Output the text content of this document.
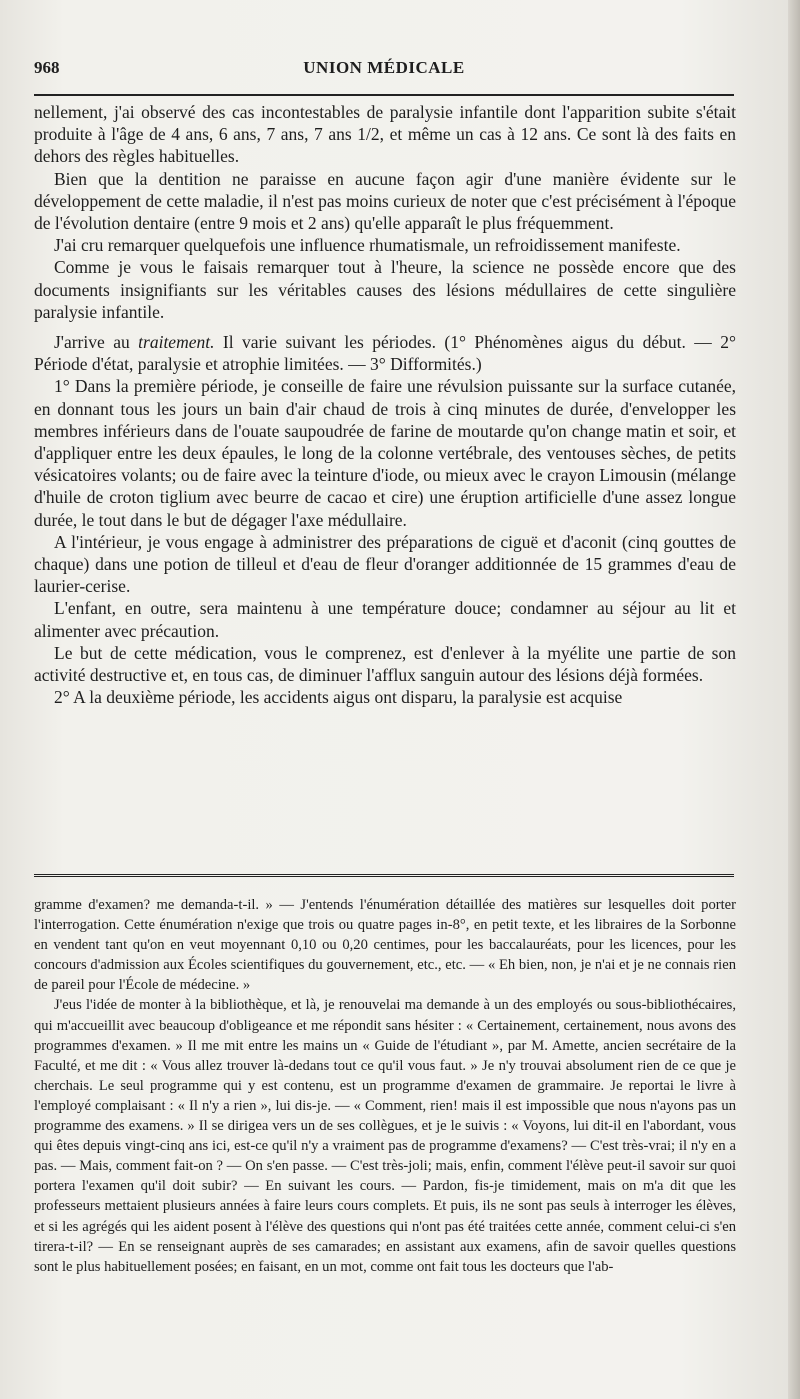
968	UNION MÉDICALE

nellement, j'ai observé des cas incontestables de paralysie infantile dont l'apparition subite s'était produite à l'âge de 4 ans, 6 ans, 7 ans, 7 ans 1/2, et même un cas à 12 ans. Ce sont là des faits en dehors des règles habituelles.

Bien que la dentition ne paraisse en aucune façon agir d'une manière évidente sur le développement de cette maladie, il n'est pas moins curieux de noter que c'est précisément à l'époque de l'évolution dentaire (entre 9 mois et 2 ans) qu'elle apparaît le plus fréquemment.

J'ai cru remarquer quelquefois une influence rhumatismale, un refroidissement manifeste.

Comme je vous le faisais remarquer tout à l'heure, la science ne possède encore que des documents insignifiants sur les véritables causes des lésions médullaires de cette singulière paralysie infantile.

J'arrive au traitement. Il varie suivant les périodes. (1° Phénomènes aigus du début. — 2° Période d'état, paralysie et atrophie limitées. — 3° Difformités.)

1° Dans la première période, je conseille de faire une révulsion puissante sur la surface cutanée, en donnant tous les jours un bain d'air chaud de trois à cinq minutes de durée, d'envelopper les membres inférieurs dans de l'ouate saupoudrée de farine de moutarde qu'on change matin et soir, et d'appliquer entre les deux épaules, le long de la colonne vertébrale, des ventouses sèches, de petits vésicatoires volants; ou de faire avec la teinture d'iode, ou mieux avec le crayon Limousin (mélange d'huile de croton tiglium avec beurre de cacao et cire) une éruption artificielle d'une assez longue durée, le tout dans le but de dégager l'axe médullaire.

A l'intérieur, je vous engage à administrer des préparations de ciguë et d'aconit (cinq gouttes de chaque) dans une potion de tilleul et d'eau de fleur d'oranger additionnée de 15 grammes d'eau de laurier-cerise.

L'enfant, en outre, sera maintenu à une température douce; condamner au séjour au lit et alimenter avec précaution.

Le but de cette médication, vous le comprenez, est d'enlever à la myélite une partie de son activité destructive et, en tous cas, de diminuer l'afflux sanguin autour des lésions déjà formées.

2° A la deuxième période, les accidents aigus ont disparu, la paralysie est acquise

gramme d'examen? me demanda-t-il. » — J'entends l'énumération détaillée des matières sur lesquelles doit porter l'interrogation. Cette énumération n'exige que trois ou quatre pages in-8°, en petit texte, et les libraires de la Sorbonne en vendent tant qu'on en veut moyennant 0,10 ou 0,20 centimes, pour les baccalauréats, pour les licences, pour les concours d'admission aux Écoles scientifiques du gouvernement, etc., etc. — « Eh bien, non, je n'ai et je ne connais rien de pareil pour l'École de médecine. »

J'eus l'idée de monter à la bibliothèque, et là, je renouvelai ma demande à un des employés ou sous-bibliothécaires, qui m'accueillit avec beaucoup d'obligeance et me répondit sans hésiter : « Certainement, certainement, nous avons des programmes d'examen. » Il me mit entre les mains un « Guide de l'étudiant », par M. Amette, ancien secrétaire de la Faculté, et me dit : « Vous allez trouver là-dedans tout ce qu'il vous faut. » Je n'y trouvai absolument rien de ce que je cherchais. Le seul programme qui y est contenu, est un programme d'examen de grammaire. Je reportai le livre à l'employé complaisant : « Il n'y a rien », lui dis-je. — « Comment, rien! mais il est impossible que nous n'ayons pas un programme des examens. » Il se dirigea vers un de ses collègues, et je le suivis : « Voyons, lui dit-il en l'abordant, vous qui êtes depuis vingt-cinq ans ici, est-ce qu'il n'y a vraiment pas de programme d'examens? — C'est très-vrai; il n'y en a pas. — Mais, comment fait-on ? — On s'en passe. — C'est très-joli; mais, enfin, comment l'élève peut-il savoir sur quoi portera l'examen qu'il doit subir? — En suivant les cours. — Pardon, fis-je timidement, mais on m'a dit que les professeurs mettaient plusieurs années à faire leurs cours complets. Et puis, ils ne sont pas seuls à interroger les élèves, et si les agrégés qui les aident posent à l'élève des questions qui n'ont pas été traitées cette année, comment celui-ci s'en tirera-t-il? — En se renseignant auprès de ses camarades; en assistant aux examens, afin de savoir quelles questions sont le plus habituellement posées; en faisant, en un mot, comme ont fait tous les docteurs que l'ab-
